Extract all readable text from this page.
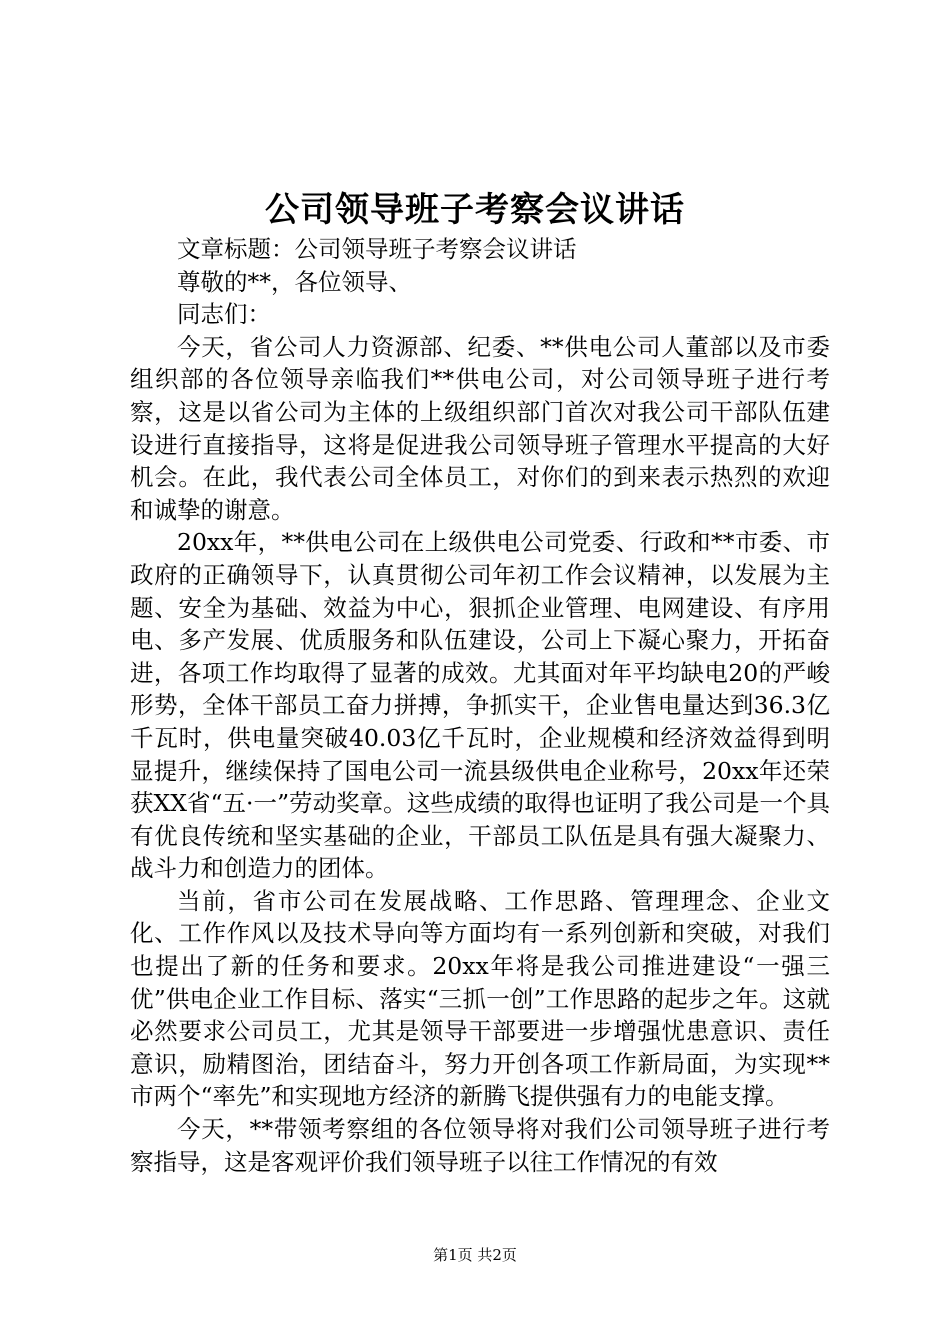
公司领导班子考察会议讲话

文章标题：公司领导班子考察会议讲话

尊敬的**，各位领导、

同志们：

今天，省公司人力资源部、纪委、**供电公司人董部以及市委组织部的各位领导亲临我们**供电公司，对公司领导班子进行考察，这是以省公司为主体的上级组织部门首次对我公司干部队伍建设进行直接指导，这将是促进我公司领导班子管理水平提高的大好机会。在此，我代表公司全体员工，对你们的到来表示热烈的欢迎和诚挚的谢意。

20xx年，**供电公司在上级供电公司党委、行政和**市委、市政府的正确领导下，认真贯彻公司年初工作会议精神，以发展为主题、安全为基础、效益为中心，狠抓企业管理、电网建设、有序用电、多产发展、优质服务和队伍建设，公司上下凝心聚力，开拓奋进，各项工作均取得了显著的成效。尤其面对年平均缺电20的严峻形势，全体干部员工奋力拼搏，争抓实干，企业售电量达到36.3亿千瓦时，供电量突破40.03亿千瓦时，企业规模和经济效益得到明显提升，继续保持了国电公司一流县级供电企业称号，20xx年还荣获XX省“五·一”劳动奖章。这些成绩的取得也证明了我公司是一个具有优良传统和坚实基础的企业，干部员工队伍是具有强大凝聚力、战斗力和创造力的团体。

当前，省市公司在发展战略、工作思路、管理理念、企业文化、工作作风以及技术导向等方面均有一系列创新和突破，对我们也提出了新的任务和要求。20xx年将是我公司推进建设“一强三优”供电企业工作目标、落实“三抓一创”工作思路的起步之年。这就必然要求公司员工，尤其是领导干部要进一步增强忧患意识、责任意识，励精图治，团结奋斗，努力开创各项工作新局面，为实现**市两个“率先”和实现地方经济的新腾飞提供强有力的电能支撑。

今天，**带领考察组的各位领导将对我们公司领导班子进行考察指导，这是客观评价我们领导班子以往工作情况的有效

第1页 共2页
